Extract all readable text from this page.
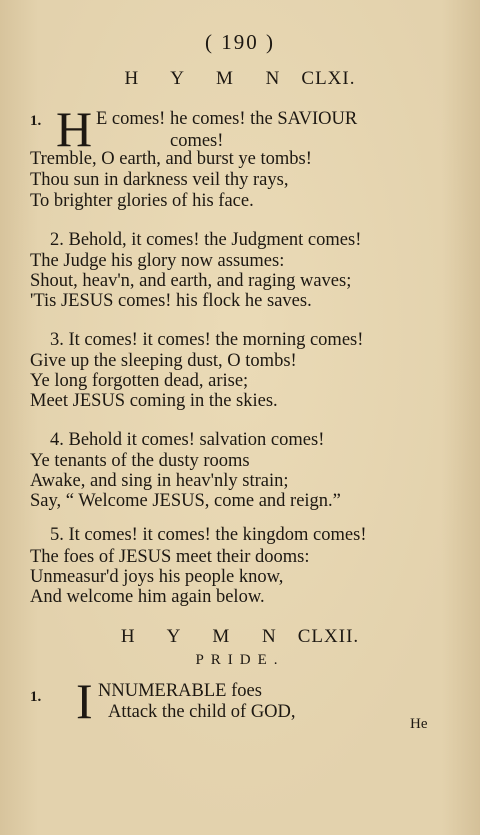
( 190 )
H Y M N CLXI.
1. H E comes! he comes! the SAVIOUR
comes!
Tremble, O earth, and burst ye tombs!
Thou sun in darkness veil thy rays,
To brighter glories of his face.
2. Behold, it comes! the Judgment comes!
The Judge his glory now assumes:
Shout, heav'n, and earth, and raging waves;
'Tis JESUS comes! his flock he saves.
3. It comes! it comes! the morning comes!
Give up the sleeping dust, O tombs!
Ye long forgotten dead, arise;
Meet JESUS coming in the skies.
4. Behold it comes! salvation comes!
Ye tenants of the dusty rooms
Awake, and sing in heav'nly strain;
Say, “ Welcome JESUS, come and reign.”
5. It comes! it comes! the kingdom comes!
The foes of JESUS meet their dooms:
Unmeasur'd joys his people know,
And welcome him again below.
H Y M N CLXII.
PRIDE.
1. I NNUMERABLE foes
Attack the child of GOD,
He
